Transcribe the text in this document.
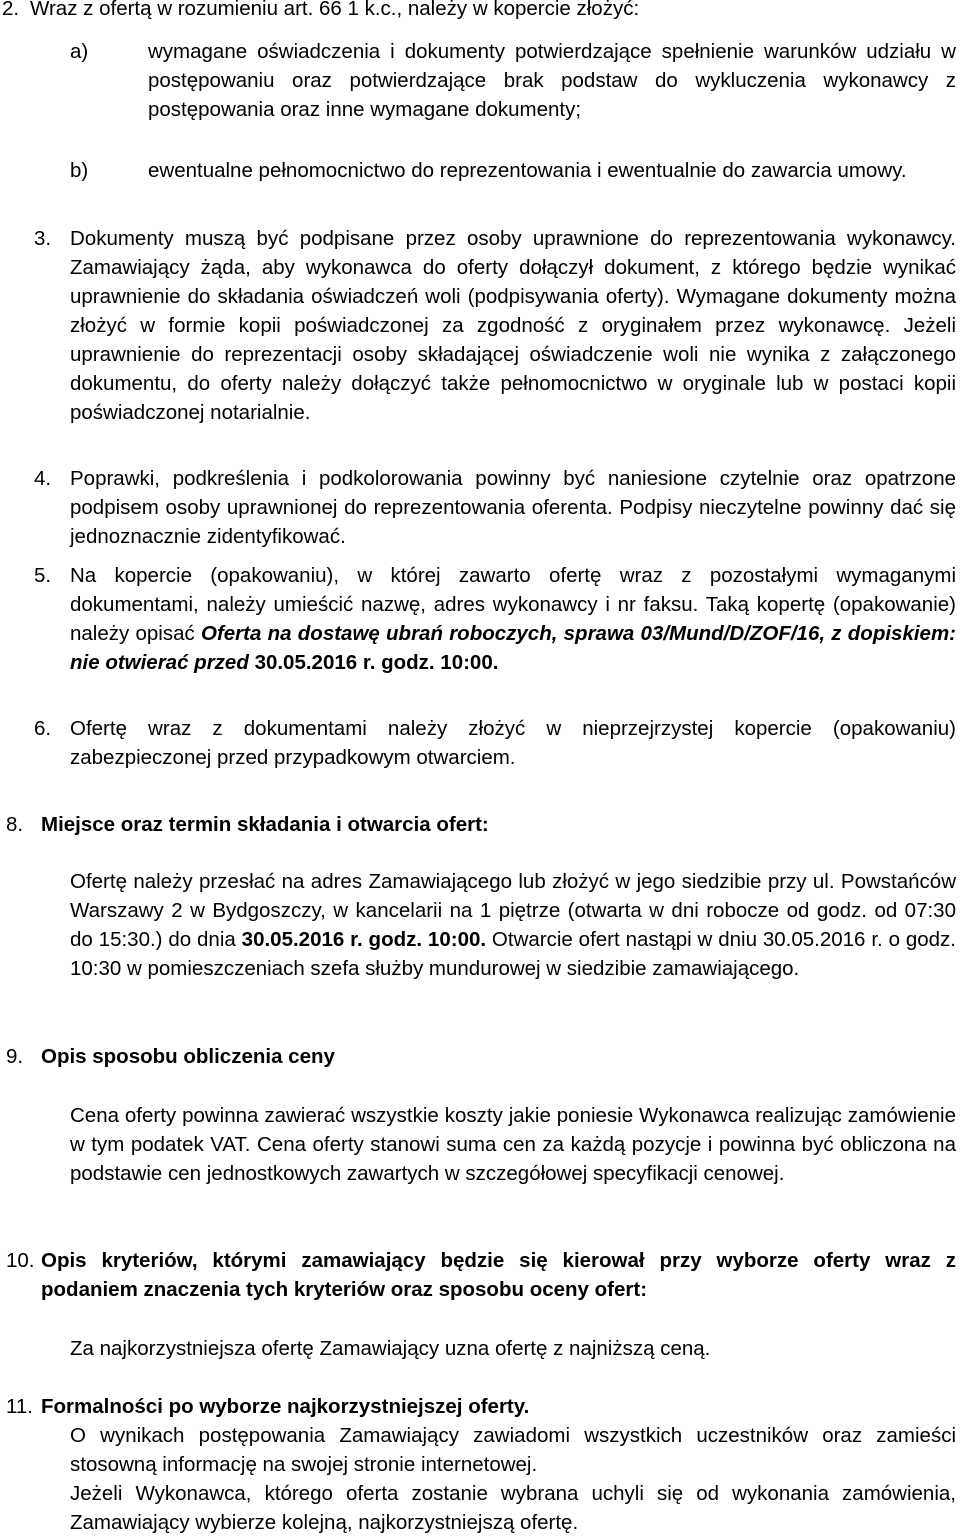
2. Wraz z ofertą w rozumieniu art. 66 1 k.c., należy w kopercie złożyć:
a)	wymagane oświadczenia i dokumenty potwierdzające spełnienie warunków udziału w postępowaniu oraz potwierdzające brak podstaw do wykluczenia wykonawcy z postępowania oraz inne wymagane dokumenty;
b)	ewentualne pełnomocnictwo do reprezentowania i ewentualnie do zawarcia umowy.
3. Dokumenty muszą być podpisane przez osoby uprawnione do reprezentowania wykonawcy. Zamawiający żąda, aby wykonawca do oferty dołączył dokument, z którego będzie wynikać uprawnienie do składania oświadczeń woli (podpisywania oferty). Wymagane dokumenty można złożyć w formie kopii poświadczonej za zgodność z oryginałem przez wykonawcę. Jeżeli uprawnienie do reprezentacji osoby składającej oświadczenie woli nie wynika z załączonego dokumentu, do oferty należy dołączyć także pełnomocnictwo w oryginale lub w postaci kopii poświadczonej notarialnie.
4. Poprawki, podkreślenia i podkolorowania powinny być naniesione czytelnie oraz opatrzone podpisem osoby uprawnionej do reprezentowania oferenta. Podpisy nieczytelne powinny dać się jednoznacznie zidentyfikować.
5. Na kopercie (opakowaniu), w której zawarto ofertę wraz z pozostałymi wymaganymi dokumentami, należy umieścić nazwę, adres wykonawcy i nr faksu. Taką kopertę (opakowanie) należy opisać Oferta na dostawę ubrań roboczych, sprawa 03/Mund/D/ZOF/16, z dopiskiem: nie otwierać przed 30.05.2016 r. godz. 10:00.
6. Ofertę wraz z dokumentami należy złożyć w nieprzejrzystej kopercie (opakowaniu) zabezpieczonej przed przypadkowym otwarciem.
8. Miejsce oraz termin składania i otwarcia ofert:
Ofertę należy przesłać na adres Zamawiającego lub złożyć w jego siedzibie przy ul. Powstańców Warszawy 2 w Bydgoszczy, w kancelarii na 1 piętrze (otwarta w dni robocze od godz. od 07:30 do 15:30.) do dnia 30.05.2016 r. godz. 10:00. Otwarcie ofert nastąpi w dniu 30.05.2016 r. o godz. 10:30 w pomieszczeniach szefa służby mundurowej w siedzibie zamawiającego.
9. Opis sposobu obliczenia ceny
Cena oferty powinna zawierać wszystkie koszty jakie poniesie Wykonawca realizując zamówienie w tym podatek VAT. Cena oferty stanowi suma cen za każdą pozycje i powinna być obliczona na podstawie cen jednostkowych zawartych w szczegółowej specyfikacji cenowej.
10. Opis kryteriów, którymi zamawiający będzie się kierował przy wyborze oferty wraz z podaniem znaczenia tych kryteriów oraz sposobu oceny ofert:
Za najkorzystniejsza ofertę Zamawiający uzna ofertę z najniższą ceną.
11. Formalności po wyborze najkorzystniejszej oferty.
O wynikach postępowania Zamawiający zawiadomi wszystkich uczestników oraz zamieści stosowną informację na swojej stronie internetowej.
Jeżeli Wykonawca, którego oferta zostanie wybrana uchyli się od wykonania zamówienia, Zamawiający wybierze kolejną, najkorzystniejszą ofertę.
